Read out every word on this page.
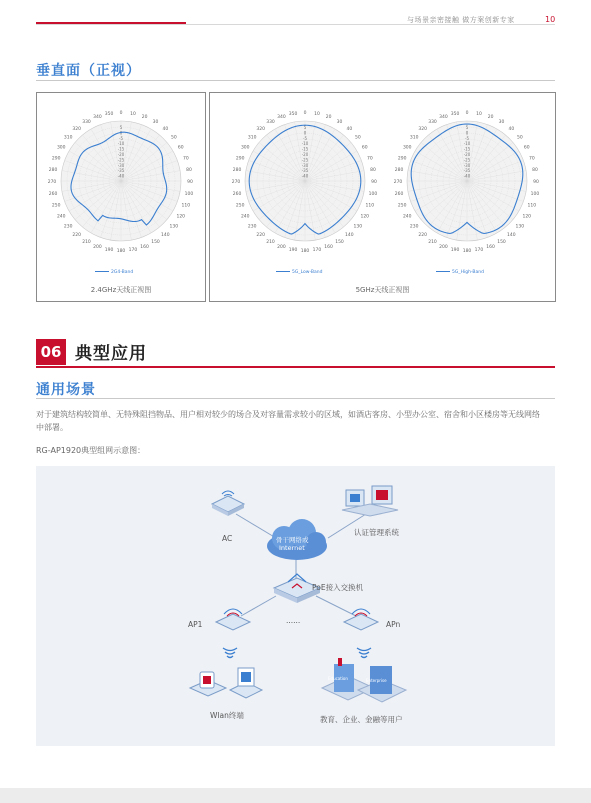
与场景亲密接触 做方案创新专家	10
垂直面（正视）
0 10
20
30
40
50
60
70
80
90
100
110
120
130
140
150
160
170
180
190
200
210
220
230
240
250
260
270
280
290
300
310
320
330
340
350
5
0
-5
-10
-15
-20
-25
-30
-35
-40
2G4-Band
2.4GHz天线正视图
0 10
20
30
40
50
60
70
80
90
100
110
120
130
140
150
160
170
180
190
200
210
220
230
240
250
260
270
280
290
300
310
320
330
340
350
5
0
-5
-10
-15
-20
-25
-30
-35
-40
0 10
20
30
40
50
60
70
80
90
100
110
120
130
140
150
160
170
180
190
200
210
220
230
240
250
260
270
280
290
300
310
320
330
340
350
5
0
-5
-10
-15
-20
-25
-30
-35
-40
5G_Low-Band	5G_High-Band
5GHz天线正视图
06 典型应用
通用场景
对于建筑结构较简单、无特殊阻挡物品、用户相对较少的场合及对容量需求较小的区域，如酒店客房、小型办公室、宿舍和小区楼房等无线网络中部署。
RG-AP1920典型组网示意图：
AC	骨干网络或
Internet
认证管理系统
PoE接入交换机
AP1	......	APn
Wlan终端
Education	Enterprise
教育、企业、金融等用户
